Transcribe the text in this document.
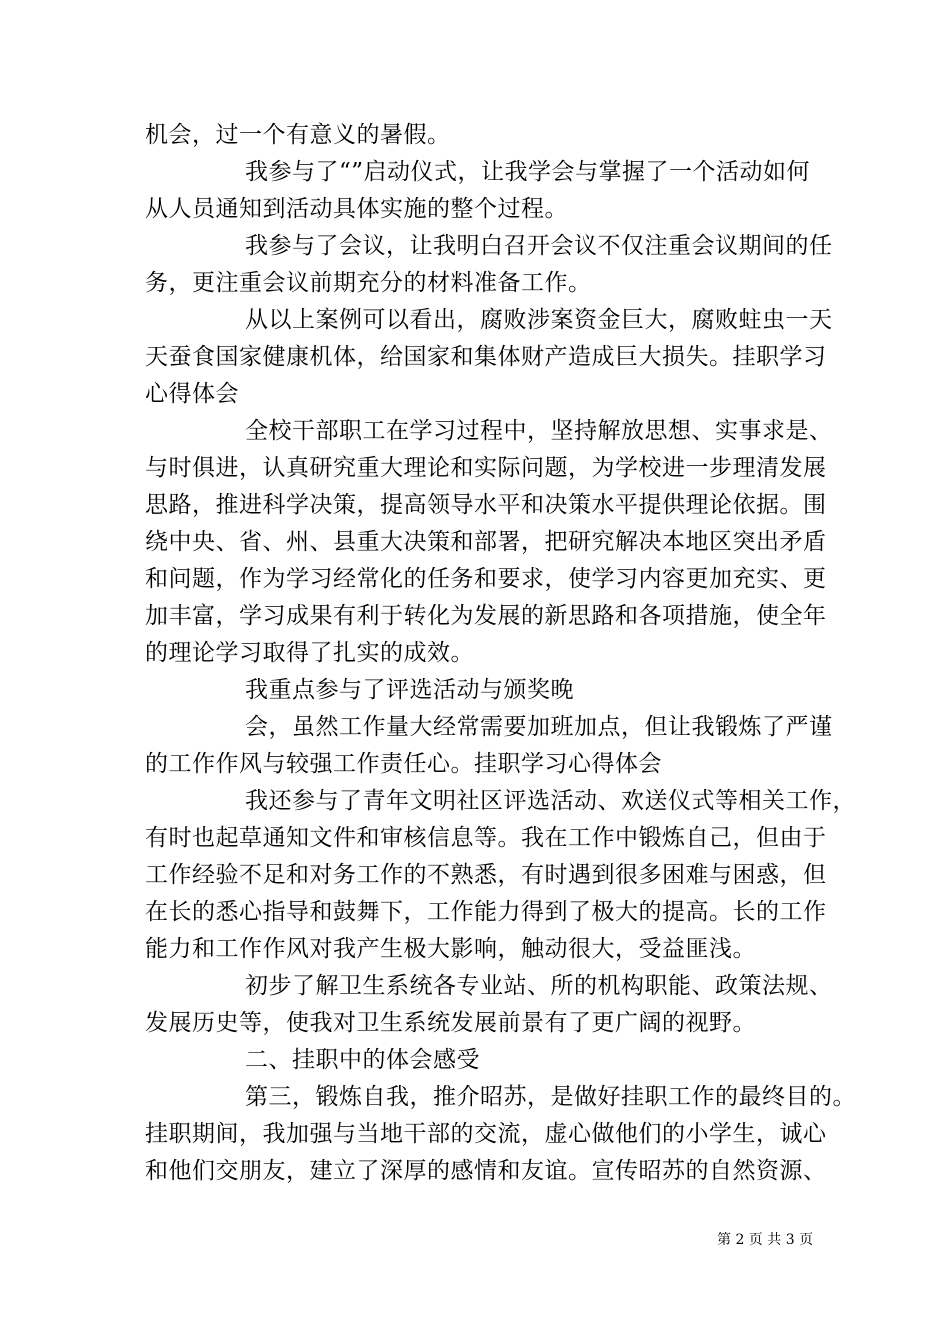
机会，过一个有意义的暑假。
我参与了“”启动仪式，让我学会与掌握了一个活动如何
从人员通知到活动具体实施的整个过程。
我参与了会议，让我明白召开会议不仅注重会议期间的任
务，更注重会议前期充分的材料准备工作。
从以上案例可以看出，腐败涉案资金巨大，腐败蛀虫一天
天蚕食国家健康机体，给国家和集体财产造成巨大损失。挂职学习
心得体会
全校干部职工在学习过程中，坚持解放思想、实事求是、
与时俱进，认真研究重大理论和实际问题，为学校进一步理清发展
思路，推进科学决策，提高领导水平和决策水平提供理论依据。围
绕中央、省、州、县重大决策和部署，把研究解决本地区突出矛盾
和问题，作为学习经常化的任务和要求，使学习内容更加充实、更
加丰富，学习成果有利于转化为发展的新思路和各项措施，使全年
的理论学习取得了扎实的成效。
我重点参与了评选活动与颁奖晚
会，虽然工作量大经常需要加班加点，但让我锻炼了严谨
的工作作风与较强工作责任心。挂职学习心得体会
我还参与了青年文明社区评选活动、欢送仪式等相关工作，
有时也起草通知文件和审核信息等。我在工作中锻炼自己，但由于
工作经验不足和对务工作的不熟悉，有时遇到很多困难与困惑，但
在长的悉心指导和鼓舞下，工作能力得到了极大的提高。长的工作
能力和工作作风对我产生极大影响，触动很大，受益匪浅。
初步了解卫生系统各专业站、所的机构职能、政策法规、
发展历史等，使我对卫生系统发展前景有了更广阔的视野。
二、挂职中的体会感受
第三，锻炼自我，推介昭苏，是做好挂职工作的最终目的。
挂职期间，我加强与当地干部的交流，虚心做他们的小学生，诚心
和他们交朋友，建立了深厚的感情和友谊。宣传昭苏的自然资源、
第 2 页 共 3 页
